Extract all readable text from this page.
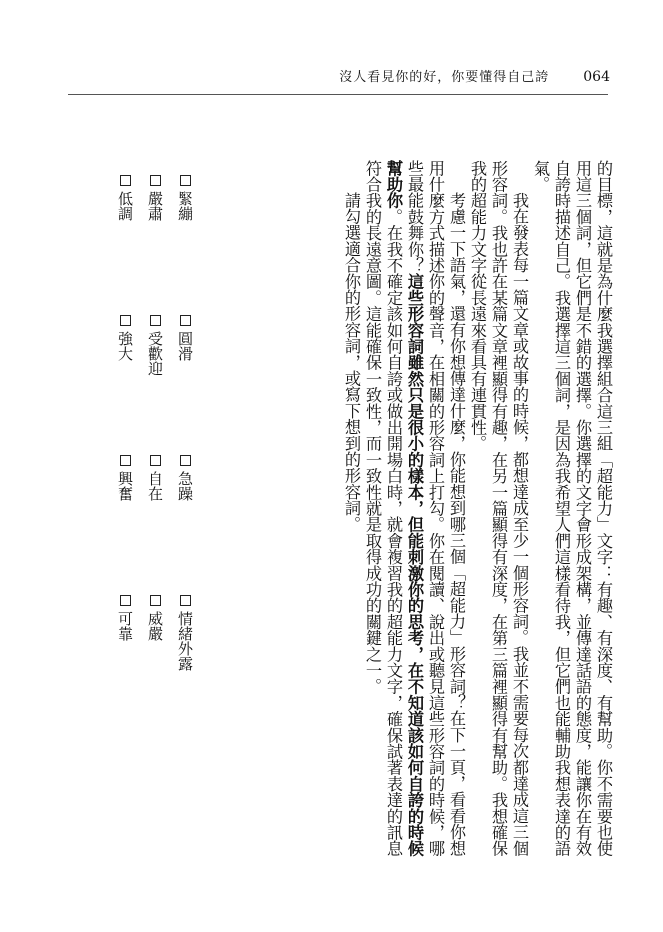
沒人看見你的好，你要懂得自己誇 064

的目標，這就是為什麼我選擇組合這三組「超能力」文字：有趣、有深度、有幫助。你不需要也使用這三個詞，但它們是不錯的選擇。你選擇的文字會形成架構，並傳達話語的態度，能讓你在有效自誇時描述自己。我選擇這三個詞，是因為我希望人們這樣看待我，但它們也能輔助我想表達的語氣。

我在發表每一篇文章或故事的時候，都想達成至少一個形容詞。我並不需要每次都達成這三個形容詞。我也許在某篇文章裡顯得有趣，在另一篇顯得有深度，在第三篇裡顯得有幫助。我想確保我的超能力文字從長遠來看具有連貫性。

考慮一下語氣，還有你想傳達什麼，你能想到哪三個「超能力」形容詞？在下一頁，看看你想用什麼方式描述你的聲音，在相關的形容詞上打勾。你在閱讀、說出或聽見這些形容詞的時候，哪些最能鼓舞你？這些形容詞雖然只是很小的樣本，但能刺激你的思考，在不知道該如何自誇的時候幫助你。在我不確定該如何自誇或做出開場白時，就會複習我的超能力文字，確保試著表達的訊息符合我的長遠意圖。這能確保一致性，而一致性就是取得成功的關鍵之一。

請勾選適合你的形容詞，或寫下想到的形容詞。

緊繃
圓滑
急躁
情緒外露
嚴肅
受歡迎
自在
威嚴
低調
強大
興奮
可靠
